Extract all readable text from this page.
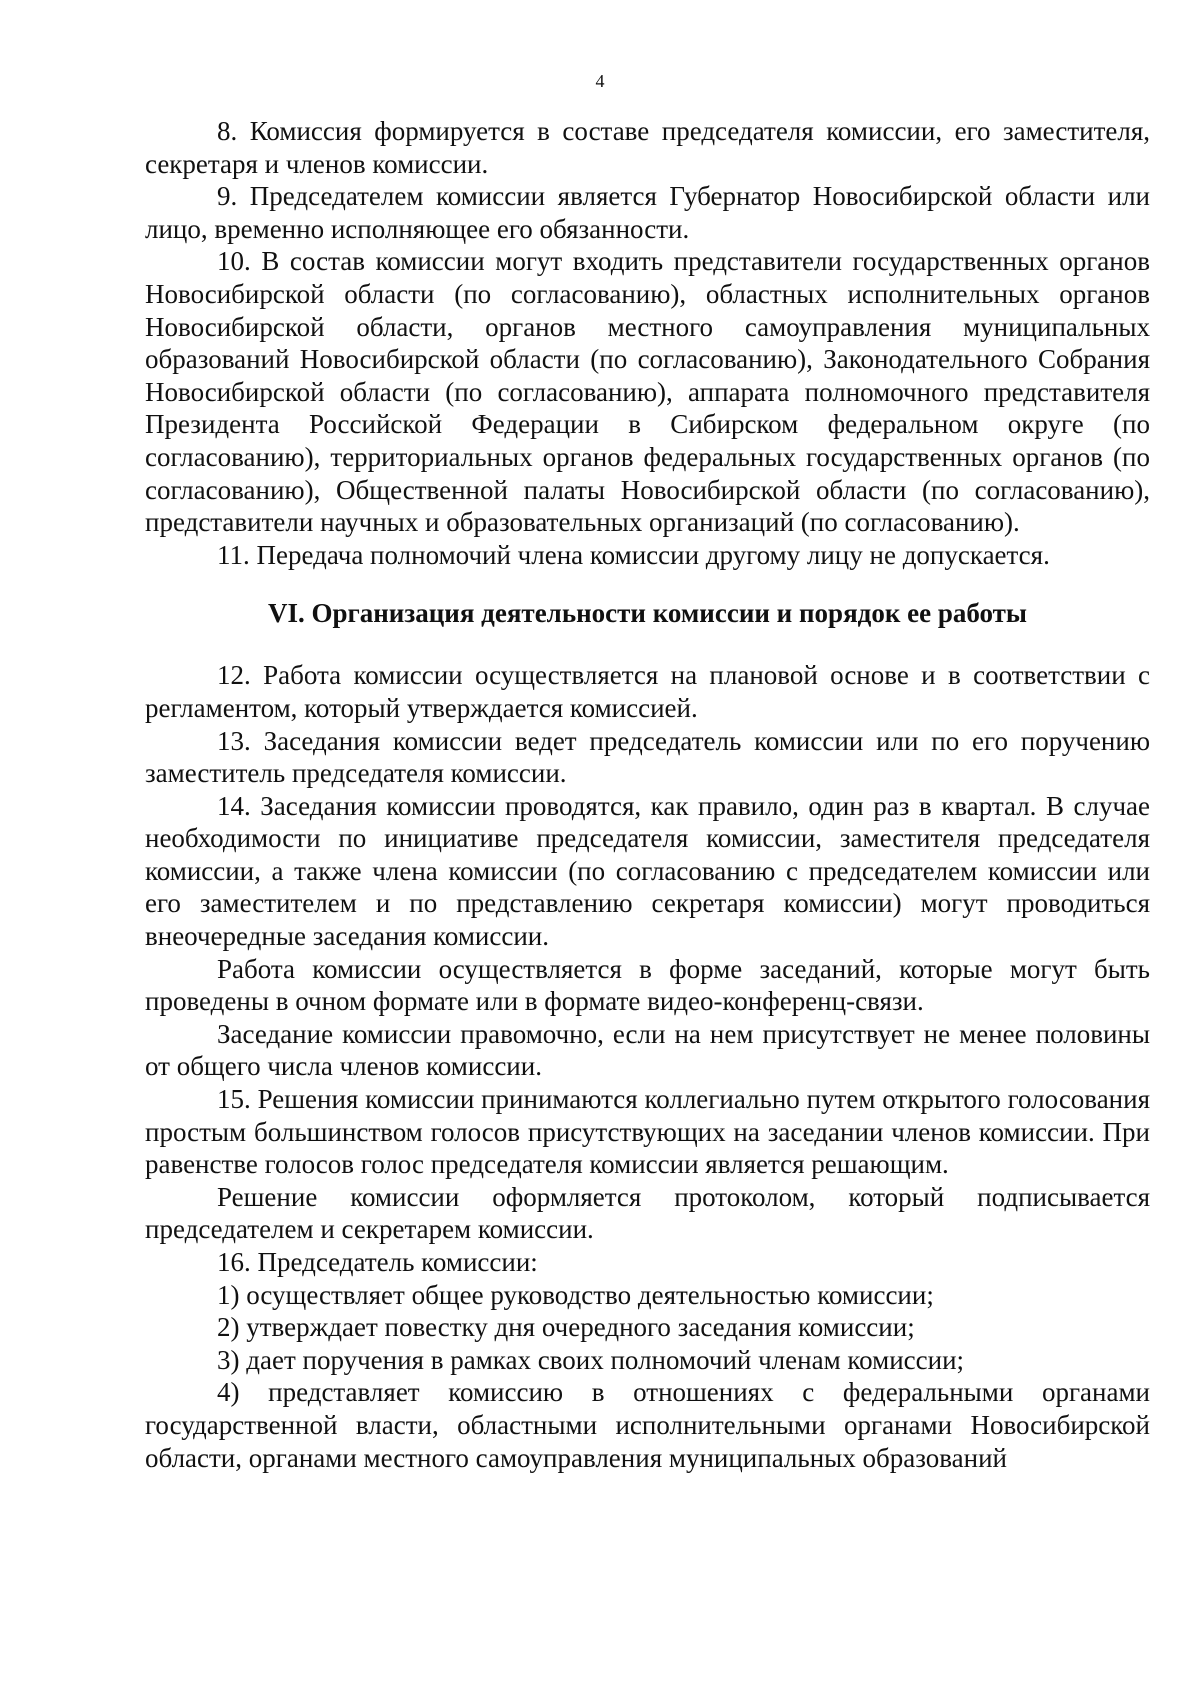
4

8. Комиссия формируется в составе председателя комиссии, его заместителя, секретаря и членов комиссии.

9. Председателем комиссии является Губернатор Новосибирской области или лицо, временно исполняющее его обязанности.

10. В состав комиссии могут входить представители государственных органов Новосибирской области (по согласованию), областных исполнительных органов Новосибирской области, органов местного самоуправления муниципальных образований Новосибирской области (по согласованию), Законодательного Собрания Новосибирской области (по согласованию), аппарата полномочного представителя Президента Российской Федерации в Сибирском федеральном округе (по согласованию), территориальных органов федеральных государственных органов (по согласованию), Общественной палаты Новосибирской области (по согласованию), представители научных и образовательных организаций (по согласованию).

11. Передача полномочий члена комиссии другому лицу не допускается.

VI. Организация деятельности комиссии и порядок ее работы

12. Работа комиссии осуществляется на плановой основе и в соответствии с регламентом, который утверждается комиссией.

13. Заседания комиссии ведет председатель комиссии или по его поручению заместитель председателя комиссии.

14. Заседания комиссии проводятся, как правило, один раз в квартал. В случае необходимости по инициативе председателя комиссии, заместителя председателя комиссии, а также члена комиссии (по согласованию с председателем комиссии или его заместителем и по представлению секретаря комиссии) могут проводиться внеочередные заседания комиссии.

Работа комиссии осуществляется в форме заседаний, которые могут быть проведены в очном формате или в формате видео-конференц-связи.

Заседание комиссии правомочно, если на нем присутствует не менее половины от общего числа членов комиссии.

15. Решения комиссии принимаются коллегиально путем открытого голосования простым большинством голосов присутствующих на заседании членов комиссии. При равенстве голосов голос председателя комиссии является решающим.

Решение комиссии оформляется протоколом, который подписывается председателем и секретарем комиссии.

16. Председатель комиссии:

1) осуществляет общее руководство деятельностью комиссии;

2) утверждает повестку дня очередного заседания комиссии;

3) дает поручения в рамках своих полномочий членам комиссии;

4) представляет комиссию в отношениях с федеральными органами государственной власти, областными исполнительными органами Новосибирской области, органами местного самоуправления муниципальных образований
